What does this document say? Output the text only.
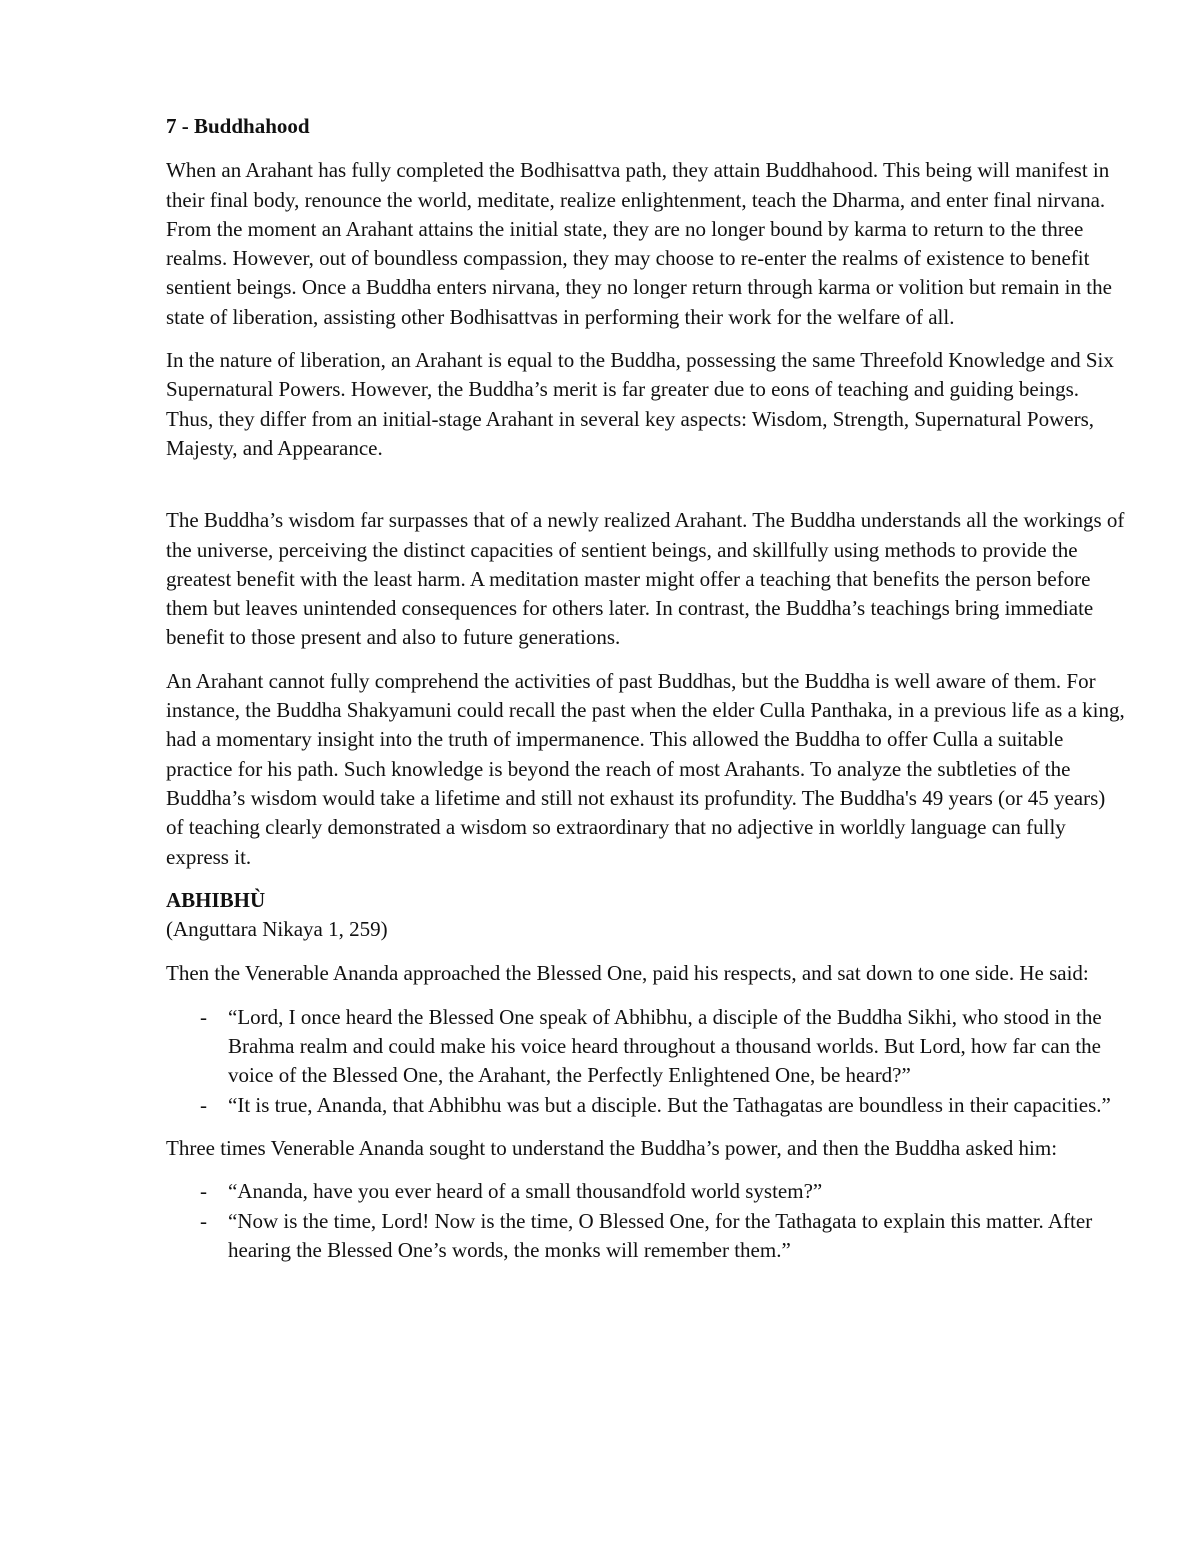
7 - Buddhahood

When an Arahant has fully completed the Bodhisattva path, they attain Buddhahood. This being will manifest in their final body, renounce the world, meditate, realize enlightenment, teach the Dharma, and enter final nirvana. From the moment an Arahant attains the initial state, they are no longer bound by karma to return to the three realms. However, out of boundless compassion, they may choose to re-enter the realms of existence to benefit sentient beings. Once a Buddha enters nirvana, they no longer return through karma or volition but remain in the state of liberation, assisting other Bodhisattvas in performing their work for the welfare of all.

In the nature of liberation, an Arahant is equal to the Buddha, possessing the same Threefold Knowledge and Six Supernatural Powers. However, the Buddha’s merit is far greater due to eons of teaching and guiding beings. Thus, they differ from an initial-stage Arahant in several key aspects: Wisdom, Strength, Supernatural Powers, Majesty, and Appearance.

The Buddha’s wisdom far surpasses that of a newly realized Arahant. The Buddha understands all the workings of the universe, perceiving the distinct capacities of sentient beings, and skillfully using methods to provide the greatest benefit with the least harm. A meditation master might offer a teaching that benefits the person before them but leaves unintended consequences for others later. In contrast, the Buddha’s teachings bring immediate benefit to those present and also to future generations.

An Arahant cannot fully comprehend the activities of past Buddhas, but the Buddha is well aware of them. For instance, the Buddha Shakyamuni could recall the past when the elder Culla Panthaka, in a previous life as a king, had a momentary insight into the truth of impermanence. This allowed the Buddha to offer Culla a suitable practice for his path. Such knowledge is beyond the reach of most Arahants. To analyze the subtleties of the Buddha’s wisdom would take a lifetime and still not exhaust its profundity. The Buddha's 49 years (or 45 years) of teaching clearly demonstrated a wisdom so extraordinary that no adjective in worldly language can fully express it.

ABHIBHÙ

(Anguttara Nikaya 1, 259)

Then the Venerable Ananda approached the Blessed One, paid his respects, and sat down to one side. He said:

- “Lord, I once heard the Blessed One speak of Abhibhu, a disciple of the Buddha Sikhi, who stood in the Brahma realm and could make his voice heard throughout a thousand worlds. But Lord, how far can the voice of the Blessed One, the Arahant, the Perfectly Enlightened One, be heard?”
- “It is true, Ananda, that Abhibhu was but a disciple. But the Tathagatas are boundless in their capacities.”

Three times Venerable Ananda sought to understand the Buddha’s power, and then the Buddha asked him:

- “Ananda, have you ever heard of a small thousandfold world system?”
- “Now is the time, Lord! Now is the time, O Blessed One, for the Tathagata to explain this matter. After hearing the Blessed One’s words, the monks will remember them.”
